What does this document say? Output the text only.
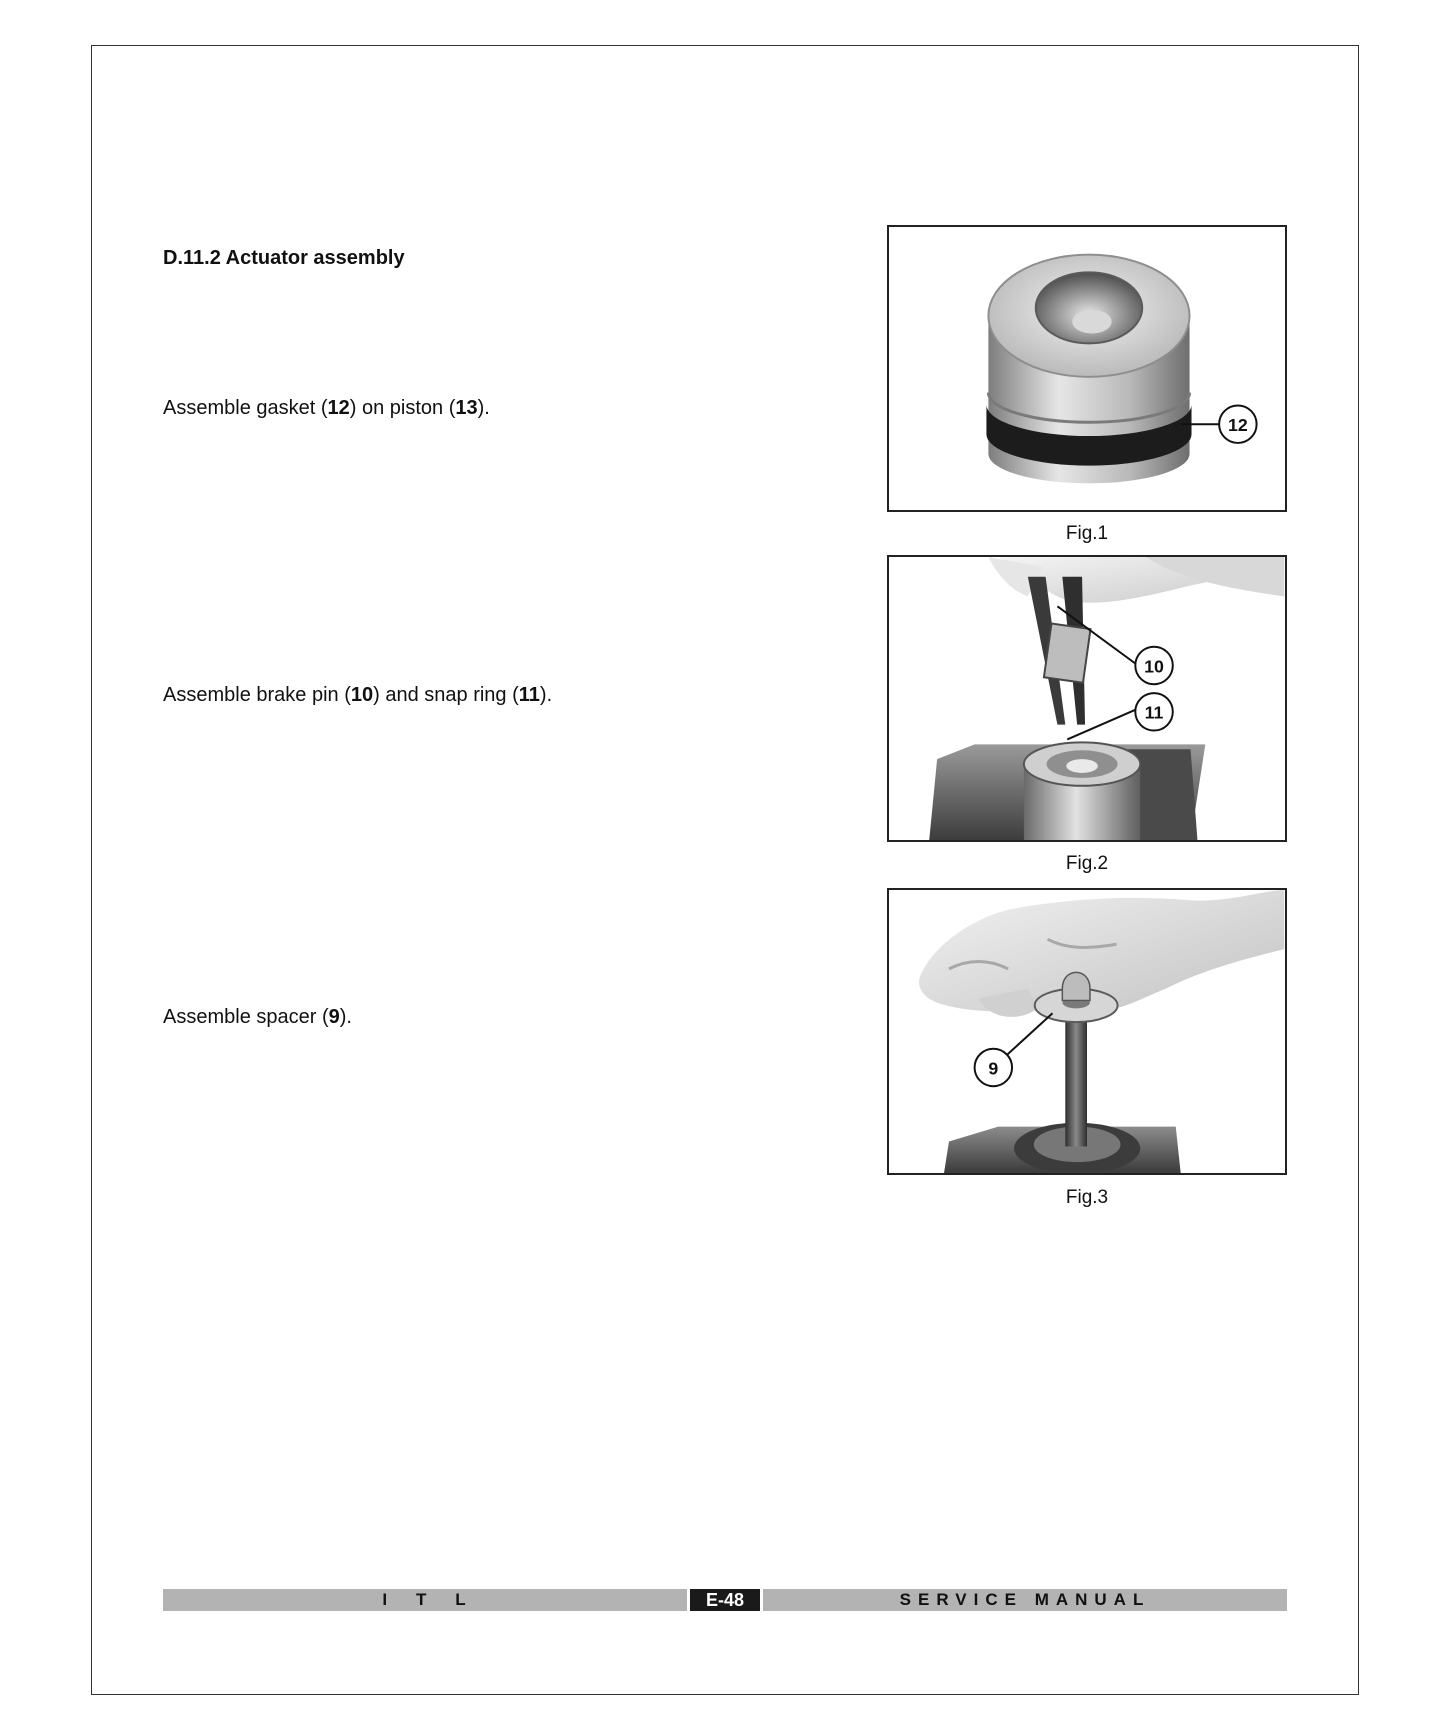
D.11.2 Actuator assembly

Assemble gasket (12) on piston (13).

Assemble brake pin (10) and snap ring (11).

Assemble spacer (9).

12

Fig.1

10
11

Fig.2

9

Fig.3

I    T    L	E-48	SERVICE MANUAL
